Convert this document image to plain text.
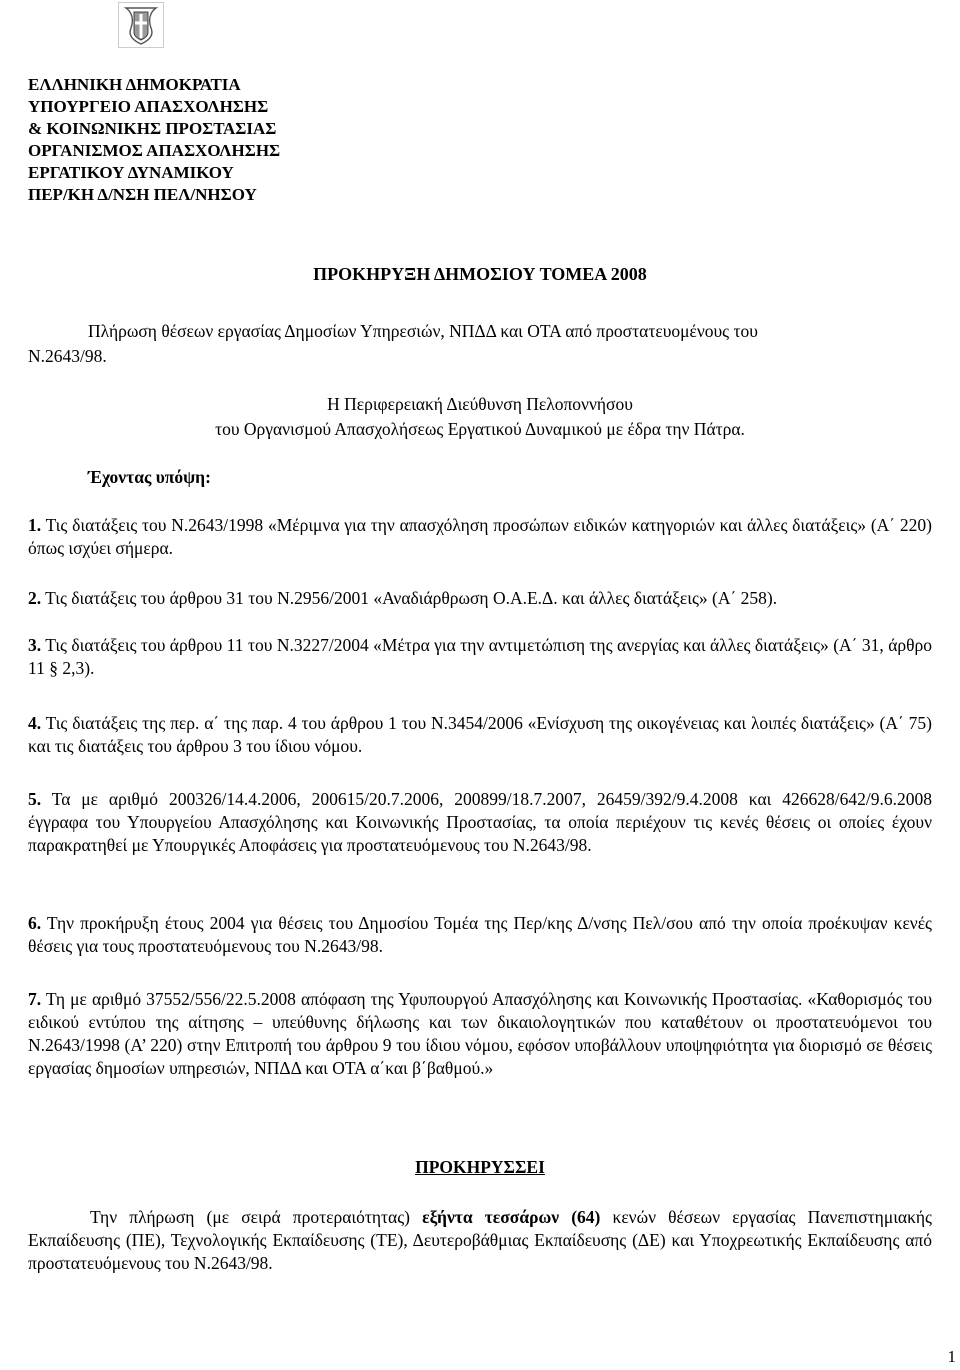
ΕΛΛΗΝΙΚΗ ΔΗΜΟΚΡΑΤΙΑ
ΥΠΟΥΡΓΕΙΟ ΑΠΑΣΧΟΛΗΣΗΣ
& ΚΟΙΝΩΝΙΚΗΣ ΠΡΟΣΤΑΣΙΑΣ
ΟΡΓΑΝΙΣΜΟΣ ΑΠΑΣΧΟΛΗΣΗΣ
ΕΡΓΑΤΙΚΟΥ ΔΥΝΑΜΙΚΟΥ
ΠΕΡ/ΚΗ Δ/ΝΣΗ ΠΕΛ/ΝΗΣΟΥ
ΠΡΟΚΗΡΥΞΗ ΔΗΜΟΣΙΟΥ ΤΟΜΕΑ 2008
Πλήρωση θέσεων εργασίας Δημοσίων Υπηρεσιών, ΝΠΔΔ και ΟΤΑ από προστατευομένους του
Ν.2643/98.
Η Περιφερειακή Διεύθυνση Πελοποννήσου
του Οργανισμού Απασχολήσεως Εργατικού Δυναμικού με έδρα την Πάτρα.
Έχοντας υπόψη:

1. Τις διατάξεις του Ν.2643/1998 «Μέριμνα για την απασχόληση προσώπων ειδικών κατηγοριών και άλλες διατάξεις» (Α΄ 220) όπως ισχύει σήμερα.

2. Τις διατάξεις του άρθρου 31 του Ν.2956/2001 «Αναδιάρθρωση Ο.Α.Ε.Δ. και άλλες διατάξεις» (Α΄ 258).

3. Τις διατάξεις του άρθρου 11 του Ν.3227/2004 «Μέτρα για την αντιμετώπιση της ανεργίας και άλλες διατάξεις» (Α΄ 31, άρθρο 11 § 2,3).

4. Τις διατάξεις της περ. α΄ της παρ. 4 του άρθρου 1 του Ν.3454/2006 «Ενίσχυση της οικογένειας και λοιπές διατάξεις» (Α΄ 75) και τις διατάξεις του άρθρου 3 του ίδιου νόμου.

5. Τα με αριθμό 200326/14.4.2006, 200615/20.7.2006, 200899/18.7.2007, 26459/392/9.4.2008 και 426628/642/9.6.2008 έγγραφα του Υπουργείου Απασχόλησης και Κοινωνικής Προστασίας, τα οποία περιέχουν τις κενές θέσεις οι οποίες έχουν παρακρατηθεί με Υπουργικές Αποφάσεις για προστατευόμενους του Ν.2643/98.

6. Την προκήρυξη έτους 2004 για θέσεις του Δημοσίου Τομέα της Περ/κης Δ/νσης Πελ/σου από την οποία προέκυψαν κενές θέσεις για τους προστατευόμενους του Ν.2643/98.

7. Τη με αριθμό 37552/556/22.5.2008 απόφαση της Υφυπουργού Απασχόλησης και Κοινωνικής Προστασίας. «Καθορισμός του ειδικού εντύπου της αίτησης – υπεύθυνης δήλωσης και των δικαιολογητικών που καταθέτουν οι προστατευόμενοι του Ν.2643/1998 (Α’ 220) στην Επιτροπή του άρθρου 9 του ίδιου νόμου, εφόσον υποβάλλουν υποψηφιότητα για διορισμό σε θέσεις εργασίας δημοσίων υπηρεσιών, ΝΠΔΔ και ΟΤΑ α΄και β΄βαθμού.»

ΠΡΟΚΗΡΥΣΣΕΙ

Την πλήρωση (με σειρά προτεραιότητας) εξήντα τεσσάρων (64) κενών θέσεων εργασίας Πανεπιστημιακής Εκπαίδευσης (ΠΕ), Τεχνολογικής Εκπαίδευσης (ΤΕ), Δευτεροβάθμιας Εκπαίδευσης (ΔΕ) και Υποχρεωτικής Εκπαίδευσης από προστατευόμενους του Ν.2643/98.

1
